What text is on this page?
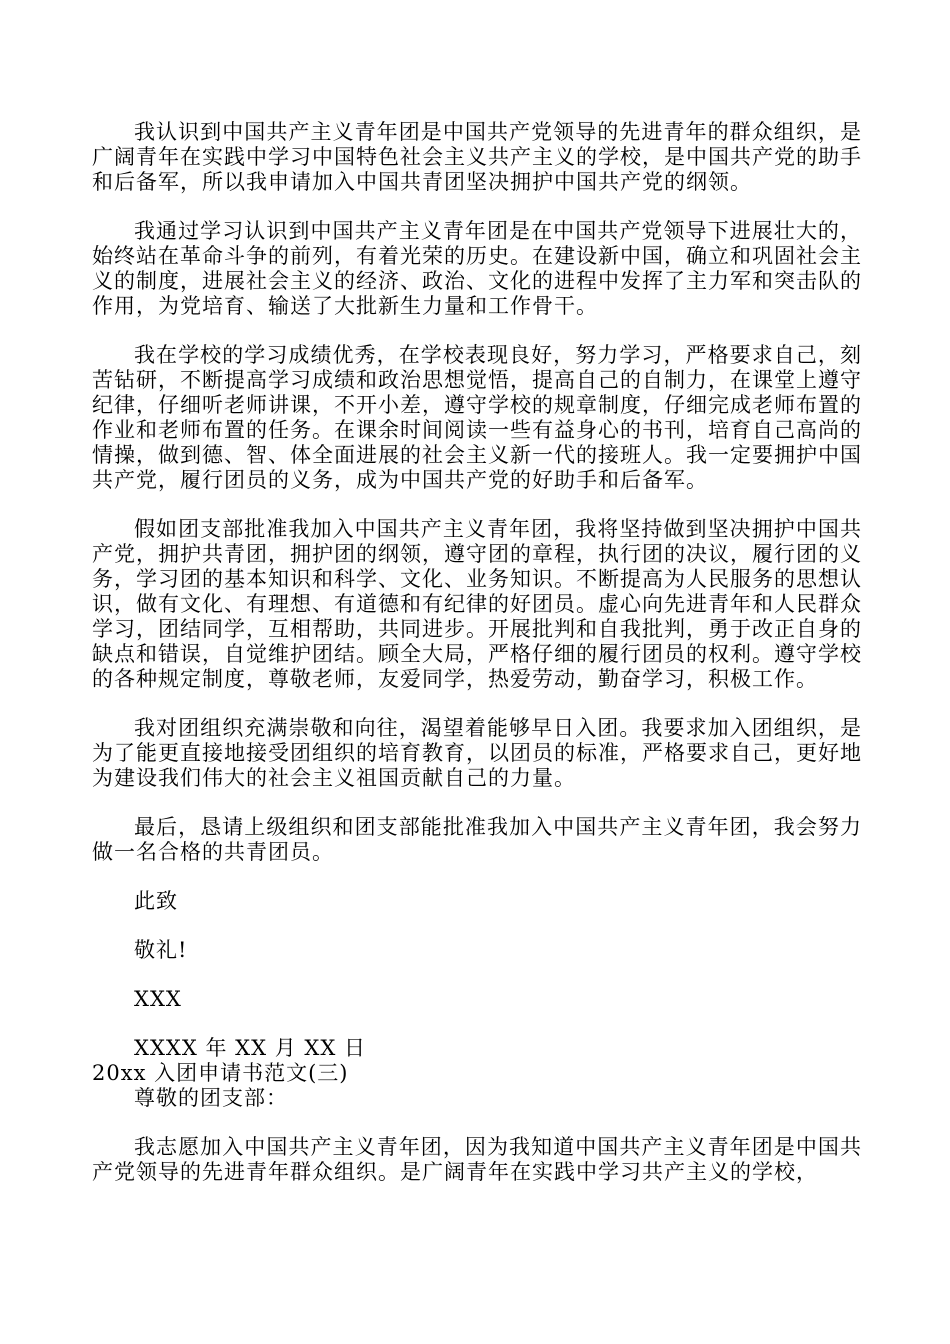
我认识到中国共产主义青年团是中国共产党领导的先进青年的群众组织，是广阔青年在实践中学习中国特色社会主义共产主义的学校，是中国共产党的助手和后备军，所以我申请加入中国共青团坚决拥护中国共产党的纲领。

我通过学习认识到中国共产主义青年团是在中国共产党领导下进展壮大的，始终站在革命斗争的前列，有着光荣的历史。在建设新中国，确立和巩固社会主义的制度，进展社会主义的经济、政治、文化的进程中发挥了主力军和突击队的作用，为党培育、输送了大批新生力量和工作骨干。

我在学校的学习成绩优秀，在学校表现良好，努力学习，严格要求自己，刻苦钻研，不断提高学习成绩和政治思想觉悟，提高自己的自制力，在课堂上遵守纪律，仔细听老师讲课，不开小差，遵守学校的规章制度，仔细完成老师布置的作业和老师布置的任务。在课余时间阅读一些有益身心的书刊，培育自己高尚的情操，做到德、智、体全面进展的社会主义新一代的接班人。我一定要拥护中国共产党，履行团员的义务，成为中国共产党的好助手和后备军。

假如团支部批准我加入中国共产主义青年团，我将坚持做到坚决拥护中国共产党，拥护共青团，拥护团的纲领，遵守团的章程，执行团的决议，履行团的义务，学习团的基本知识和科学、文化、业务知识。不断提高为人民服务的思想认识，做有文化、有理想、有道德和有纪律的好团员。虚心向先进青年和人民群众学习，团结同学，互相帮助，共同进步。开展批判和自我批判，勇于改正自身的缺点和错误，自觉维护团结。顾全大局，严格仔细的履行团员的权利。遵守学校的各种规定制度，尊敬老师，友爱同学，热爱劳动，勤奋学习，积极工作。

我对团组织充满崇敬和向往，渴望着能够早日入团。我要求加入团组织，是为了能更直接地接受团组织的培育教育，以团员的标准，严格要求自己，更好地为建设我们伟大的社会主义祖国贡献自己的力量。

最后，恳请上级组织和团支部能批准我加入中国共产主义青年团，我会努力做一名合格的共青团员。

此致

敬礼!

XXX

XXXX 年 XX 月 XX 日

20xx 入团申请书范文(三)

尊敬的团支部：

我志愿加入中国共产主义青年团，因为我知道中国共产主义青年团是中国共产党领导的先进青年群众组织。是广阔青年在实践中学习共产主义的学校，
